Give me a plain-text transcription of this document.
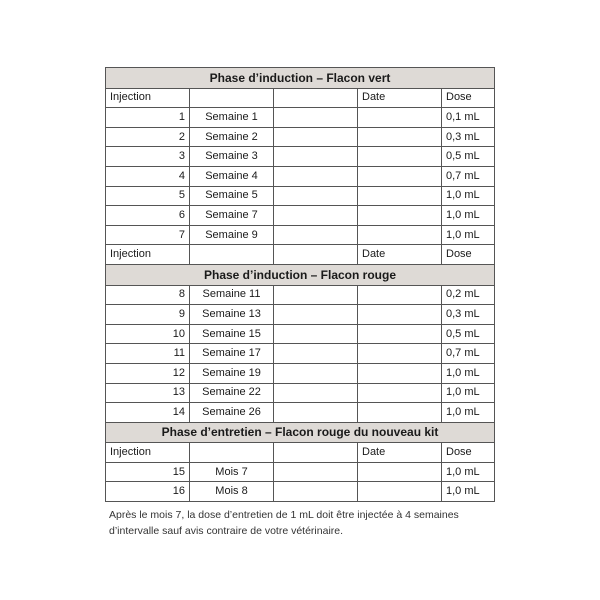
Phase d’induction – Flacon vert				
Injection			Date	Dose
1	Semaine 1			0,1 mL
2	Semaine 2			0,3 mL
3	Semaine 3			0,5 mL
4	Semaine 4			0,7 mL
5	Semaine 5			1,0 mL
6	Semaine 7			1,0 mL
7	Semaine 9			1,0 mL
Injection			Date	Dose
Phase d’induction – Flacon rouge				
8	Semaine 11			0,2 mL
9	Semaine 13			0,3 mL
10	Semaine 15			0,5 mL
11	Semaine 17			0,7 mL
12	Semaine 19			1,0 mL
13	Semaine 22			1,0 mL
14	Semaine 26			1,0 mL
Phase d’entretien – Flacon rouge du nouveau kit				
Injection			Date	Dose
15	Mois 7			1,0 mL
16	Mois 8			1,0 mL

Après le mois 7, la dose d’entretien de 1 mL doit être injectée à 4 semaines d’intervalle sauf avis contraire de votre vétérinaire.
